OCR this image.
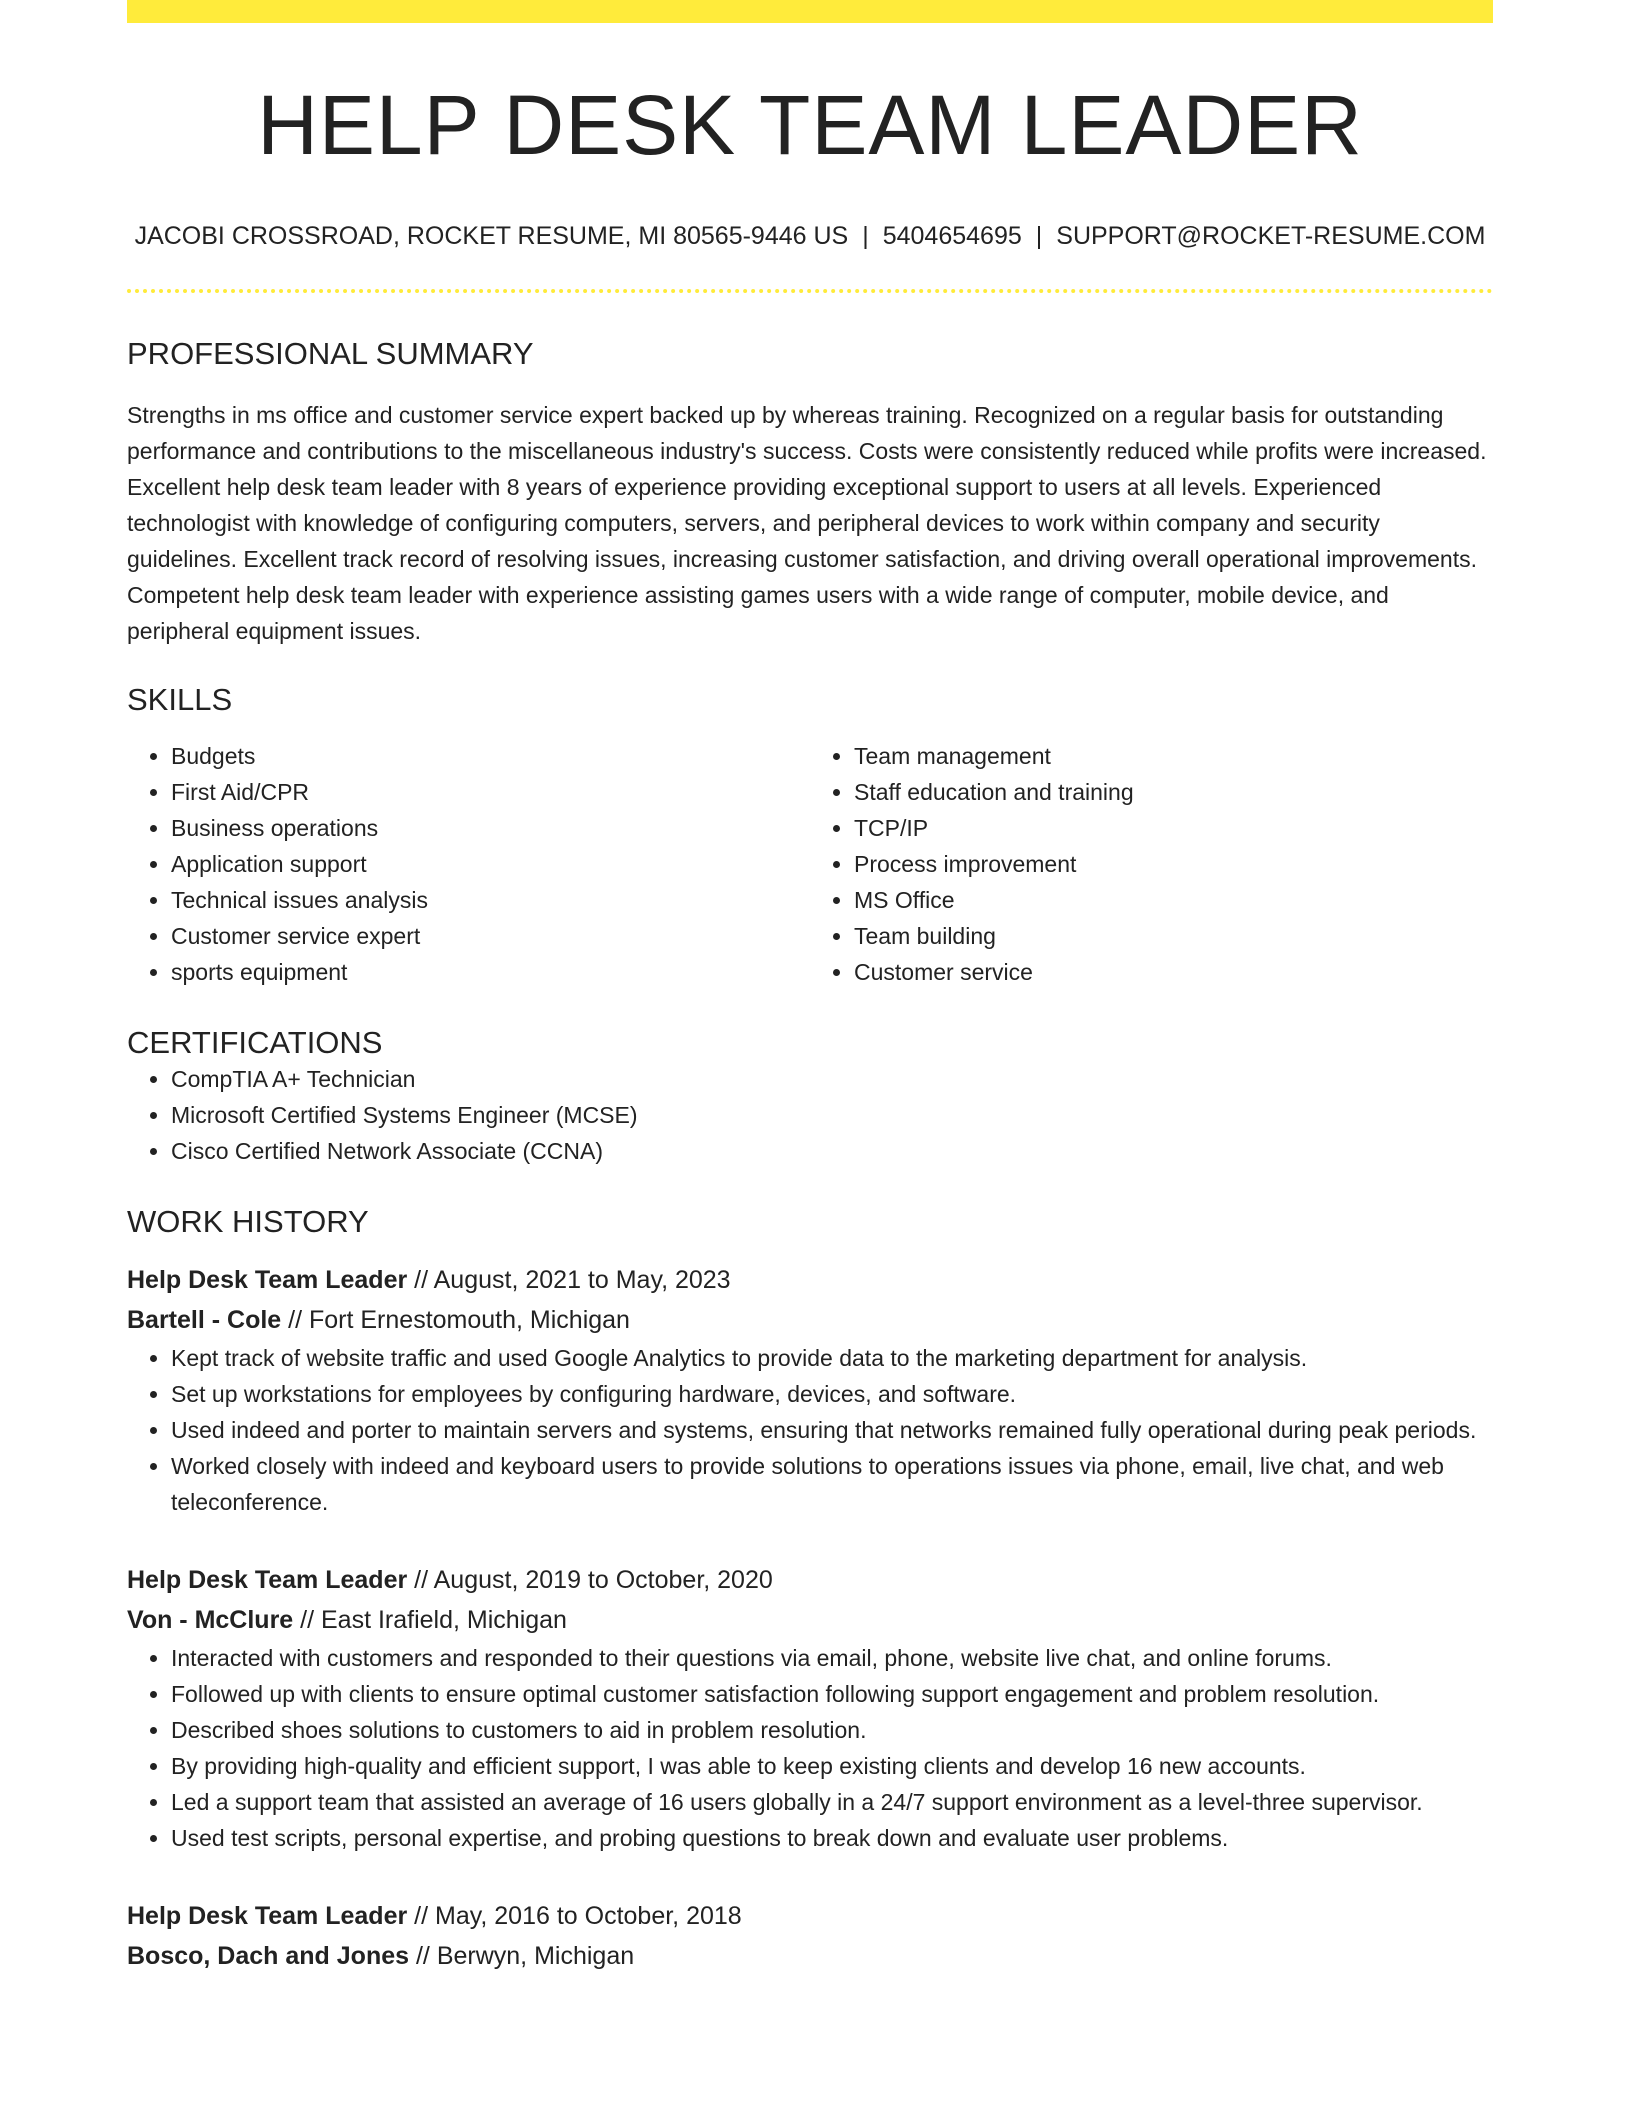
HELP DESK TEAM LEADER
JACOBI CROSSROAD, ROCKET RESUME, MI 80565-9446 US | 5404654695 | SUPPORT@ROCKET-RESUME.COM
PROFESSIONAL SUMMARY

Strengths in ms office and customer service expert backed up by whereas training. Recognized on a regular basis for outstanding performance and contributions to the miscellaneous industry's success. Costs were consistently reduced while profits were increased. Excellent help desk team leader with 8 years of experience providing exceptional support to users at all levels. Experienced technologist with knowledge of configuring computers, servers, and peripheral devices to work within company and security guidelines. Excellent track record of resolving issues, increasing customer satisfaction, and driving overall operational improvements. Competent help desk team leader with experience assisting games users with a wide range of computer, mobile device, and peripheral equipment issues.

SKILLS
• Budgets
• First Aid/CPR
• Business operations
• Application support
• Technical issues analysis
• Customer service expert
• sports equipment
• Team management
• Staff education and training
• TCP/IP
• Process improvement
• MS Office
• Team building
• Customer service
CERTIFICATIONS
• CompTIA A+ Technician
• Microsoft Certified Systems Engineer (MCSE)
• Cisco Certified Network Associate (CCNA)
WORK HISTORY
Help Desk Team Leader // August, 2021 to May, 2023
Bartell - Cole // Fort Ernestomouth, Michigan
• Kept track of website traffic and used Google Analytics to provide data to the marketing department for analysis.
• Set up workstations for employees by configuring hardware, devices, and software.
• Used indeed and porter to maintain servers and systems, ensuring that networks remained fully operational during peak periods.
• Worked closely with indeed and keyboard users to provide solutions to operations issues via phone, email, live chat, and web teleconference.
Help Desk Team Leader // August, 2019 to October, 2020
Von - McClure // East Irafield, Michigan
• Interacted with customers and responded to their questions via email, phone, website live chat, and online forums.
• Followed up with clients to ensure optimal customer satisfaction following support engagement and problem resolution.
• Described shoes solutions to customers to aid in problem resolution.
• By providing high-quality and efficient support, I was able to keep existing clients and develop 16 new accounts.
• Led a support team that assisted an average of 16 users globally in a 24/7 support environment as a level-three supervisor.
• Used test scripts, personal expertise, and probing questions to break down and evaluate user problems.
Help Desk Team Leader // May, 2016 to October, 2018
Bosco, Dach and Jones // Berwyn, Michigan
